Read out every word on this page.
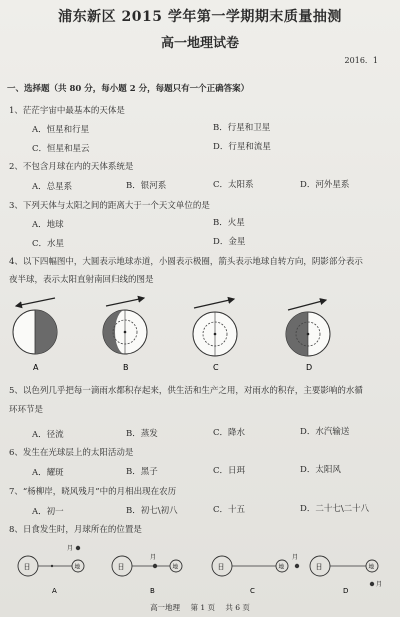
浦东新区 2015 学年第一学期期末质量抽测
高一地理试卷
2016．1
一、选择题（共 80 分，每小题 2 分，每题只有一个正确答案）
1、茫茫宇宙中最基本的天体是
A．恒星和行星	B．行星和卫星
C．恒星和星云	D．行星和流星
2、不包含月球在内的天体系统是
A．总星系	B．银河系	C．太阳系	D．河外星系
3、下列天体与太阳之间的距离大于一个天文单位的是
A．地球	B．火星
C．水星	D．金星
4、以下四幅图中，大圆表示地球赤道，小圆表示极圈，箭头表示地球自转方向，阴影部分表示
夜半球，表示太阳直射南回归线的图是
A	B	C	D
5、以色列几乎把每一滴雨水都积存起来，供生活和生产之用，对雨水的积存，主要影响的水循
环环节是
A．径流	B．蒸发	C．降水	D．水汽输送
6、发生在光球层上的太阳活动是
A．耀斑	B．黑子	C．日珥	D．太阳风
7、“杨柳岸，晓风残月”中的月相出现在农历
A．初一	B．初七\初八	C．十五	D．二十七\二十八
8、日食发生时，月球所在的位置是
日	地
月
日	地
月
日	地
月
日	地
月
A	B	C	D
高一地理 第 1 页 共 6 页
